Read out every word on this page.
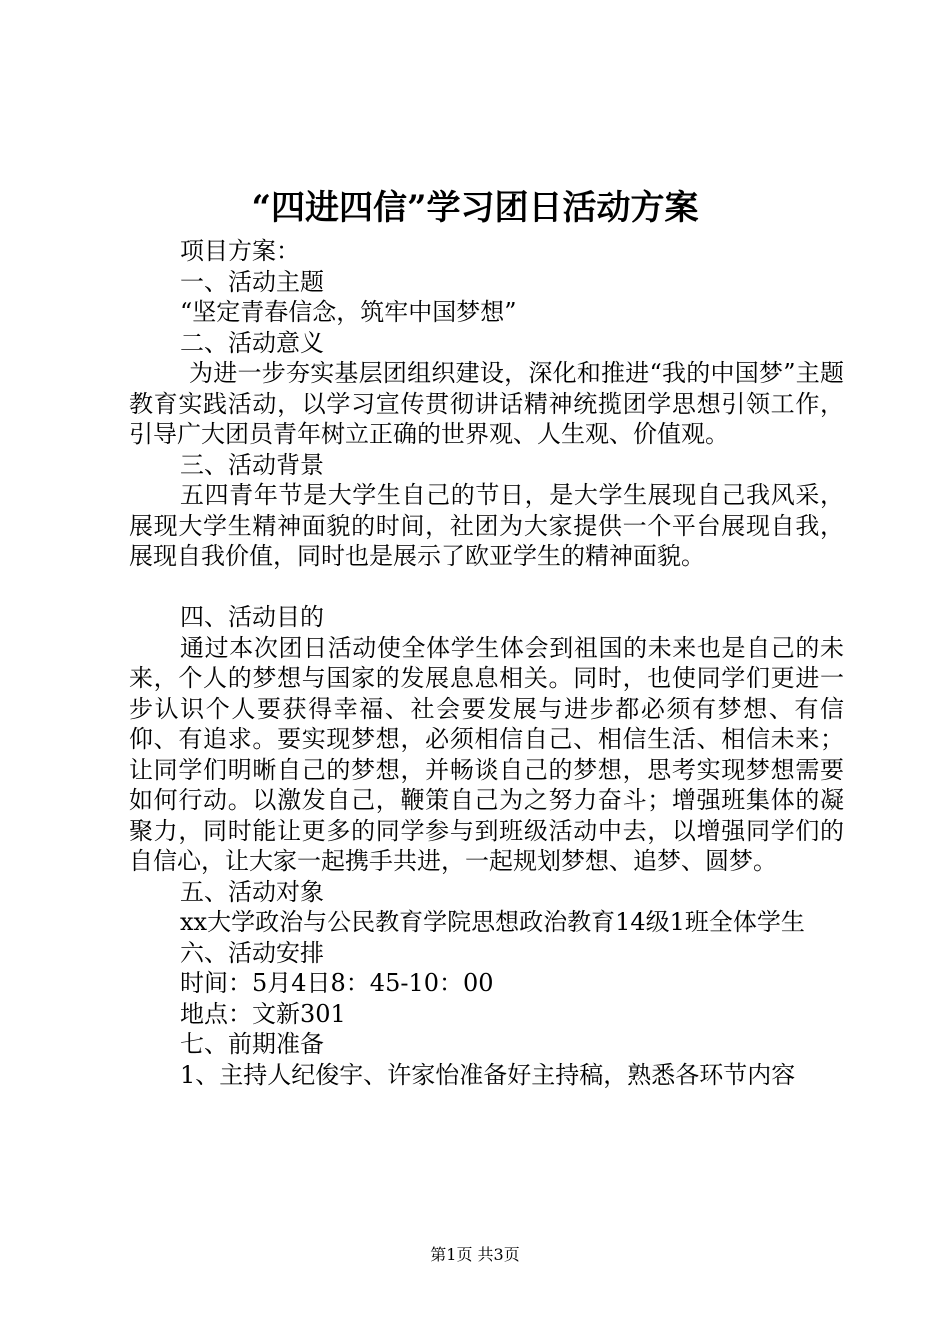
“四进四信”学习团日活动方案

项目方案：

一、活动主题

“坚定青春信念，筑牢中国梦想”

二、活动意义

为进一步夯实基层团组织建设，深化和推进“我的中国梦”主题教育实践活动，以学习宣传贯彻讲话精神统揽团学思想引领工作，引导广大团员青年树立正确的世界观、人生观、价值观。

三、活动背景

五四青年节是大学生自己的节日，是大学生展现自己我风采，展现大学生精神面貌的时间，社团为大家提供一个平台展现自我，展现自我价值，同时也是展示了欧亚学生的精神面貌。

四、活动目的

通过本次团日活动使全体学生体会到祖国的未来也是自己的未来，个人的梦想与国家的发展息息相关。同时，也使同学们更进一步认识个人要获得幸福、社会要发展与进步都必须有梦想、有信仰、有追求。要实现梦想，必须相信自己、相信生活、相信未来；让同学们明晰自己的梦想，并畅谈自己的梦想，思考实现梦想需要如何行动。以激发自己，鞭策自己为之努力奋斗；增强班集体的凝聚力，同时能让更多的同学参与到班级活动中去，以增强同学们的自信心，让大家一起携手共进，一起规划梦想、追梦、圆梦。

五、活动对象

xx大学政治与公民教育学院思想政治教育14级1班全体学生

六、活动安排

时间：5月4日8：45-10：00

地点：文新301

七、前期准备

1、主持人纪俊宇、许家怡准备好主持稿，熟悉各环节内容

第1页 共3页
